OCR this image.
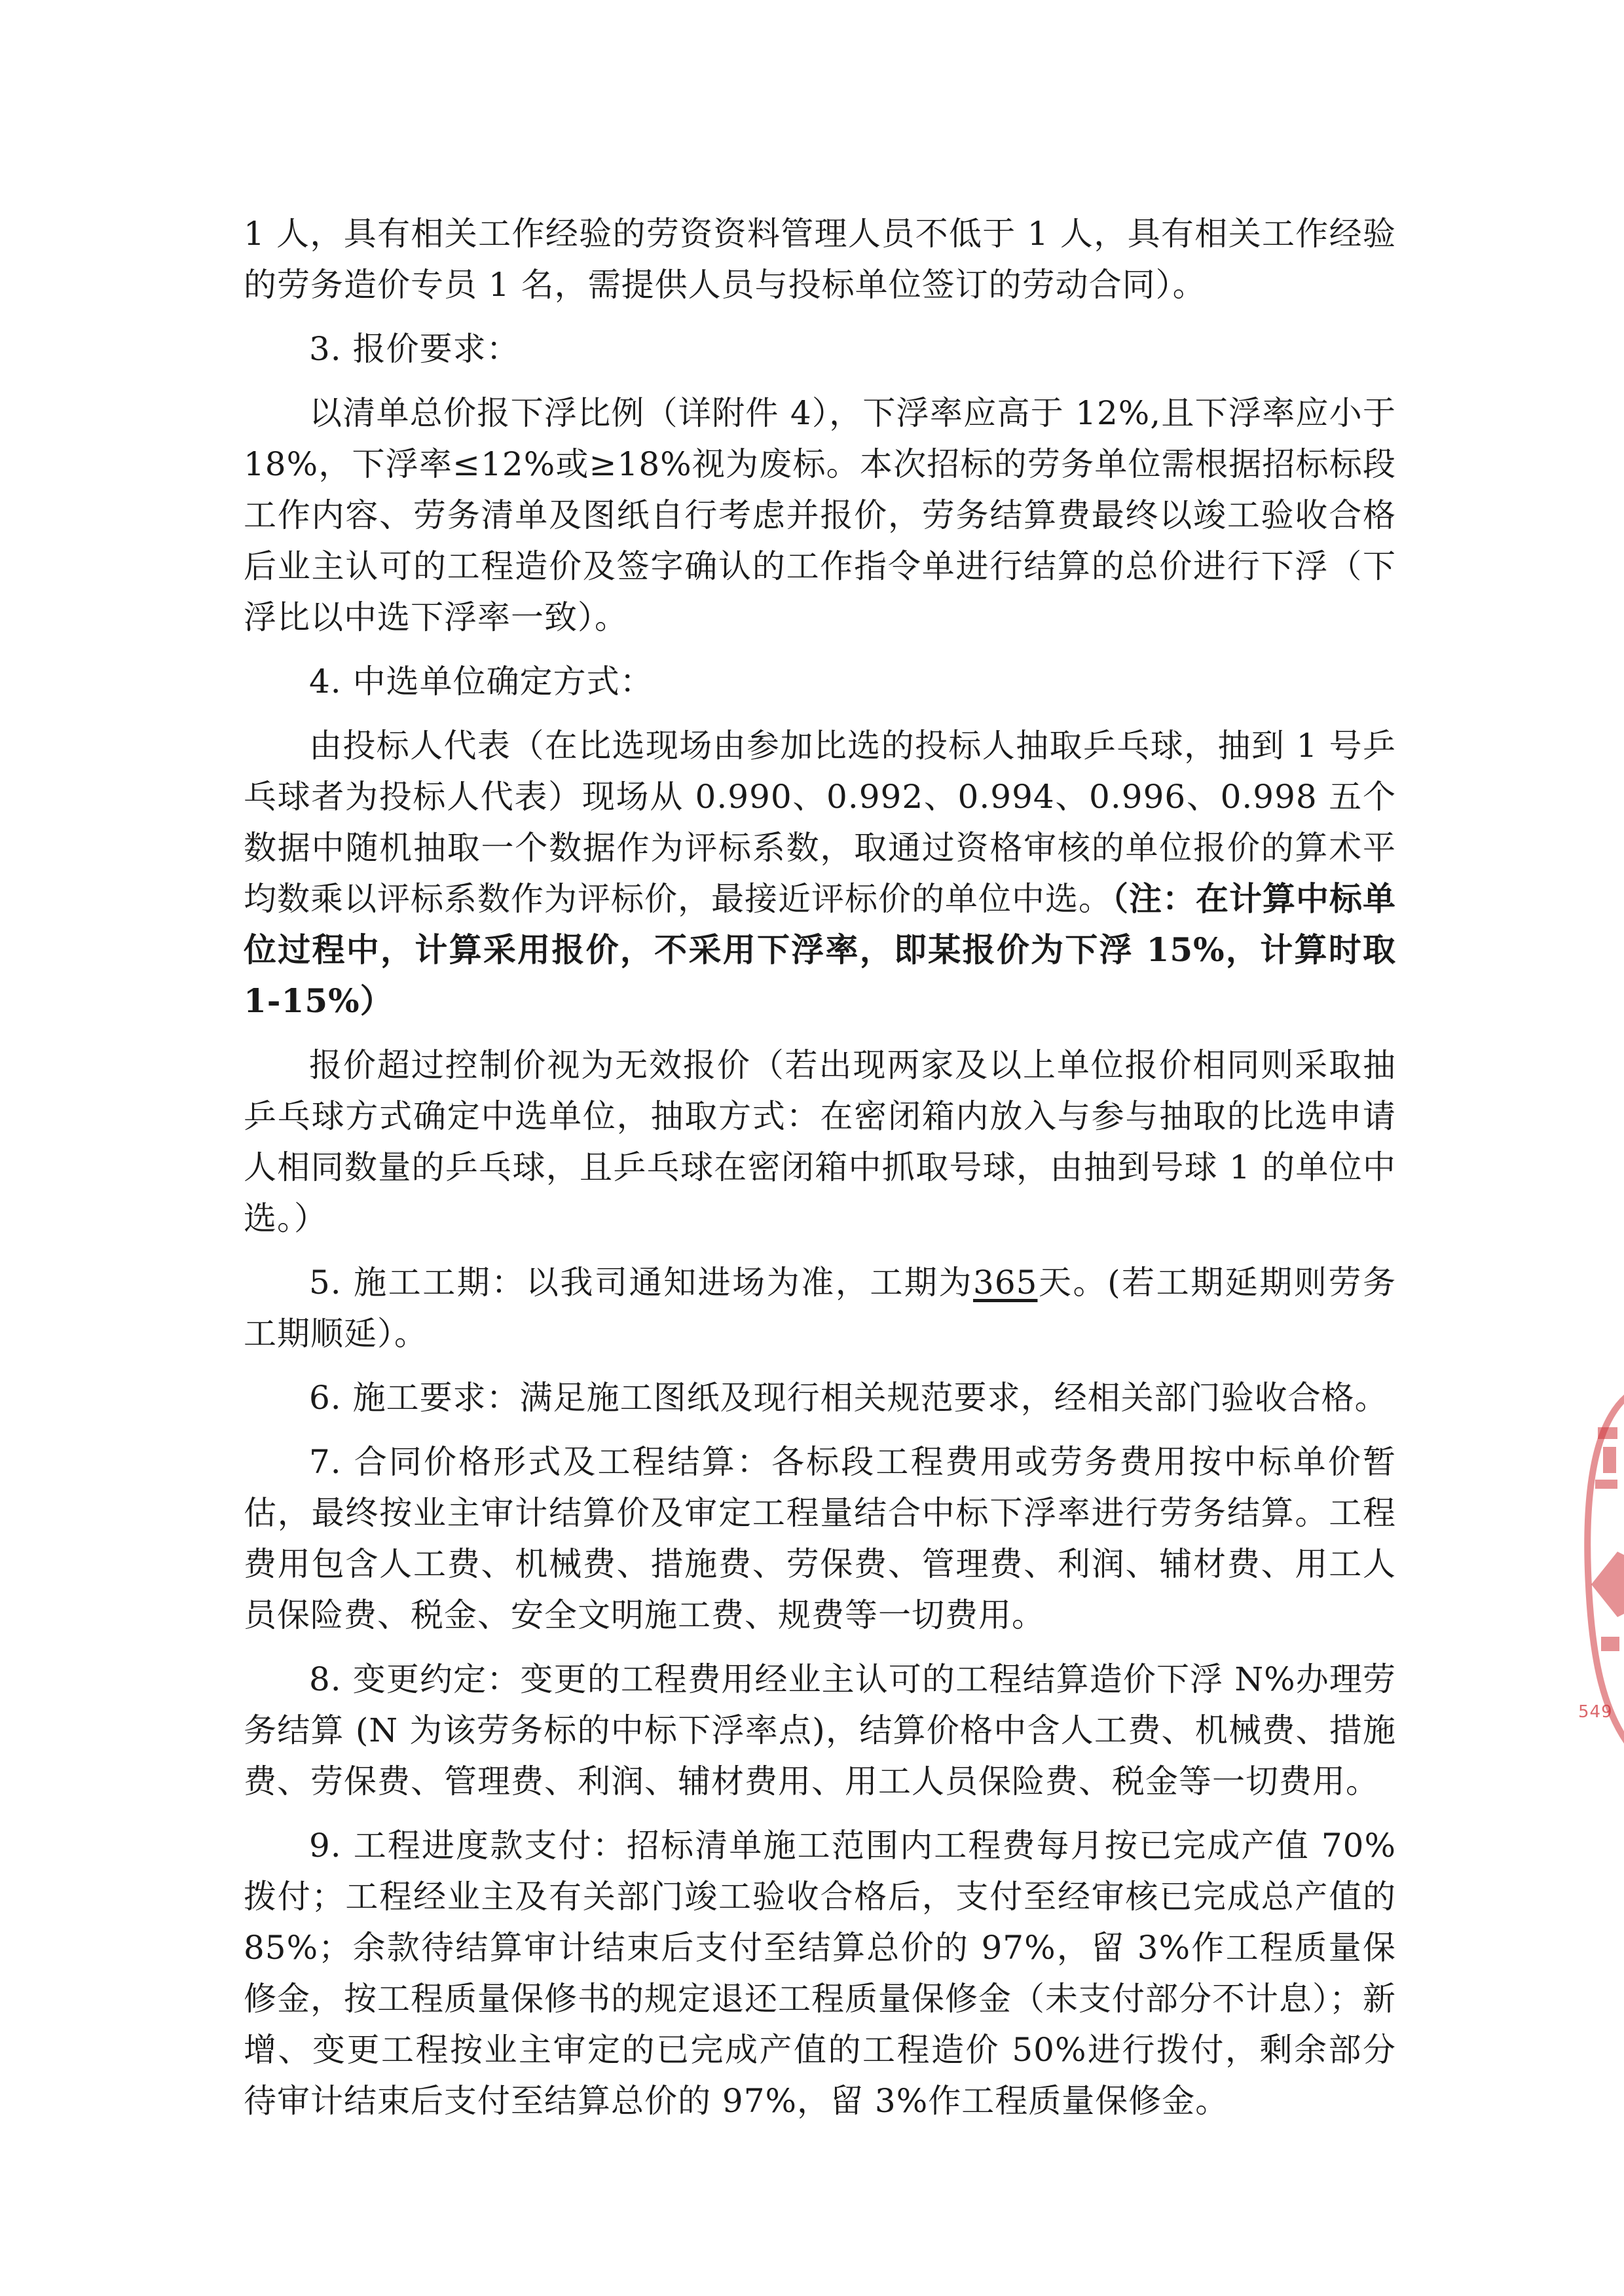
1 人，具有相关工作经验的劳资资料管理人员不低于 1 人，具有相关工作经验的劳务造价专员 1 名，需提供人员与投标单位签订的劳动合同）。

3. 报价要求：

以清单总价报下浮比例（详附件 4），下浮率应高于 12%,且下浮率应小于 18%，下浮率≤12%或≥18%视为废标。本次招标的劳务单位需根据招标标段工作内容、劳务清单及图纸自行考虑并报价，劳务结算费最终以竣工验收合格后业主认可的工程造价及签字确认的工作指令单进行结算的总价进行下浮（下浮比以中选下浮率一致）。

4. 中选单位确定方式：

由投标人代表（在比选现场由参加比选的投标人抽取乒乓球，抽到 1 号乒乓球者为投标人代表）现场从 0.990、0.992、0.994、0.996、0.998 五个数据中随机抽取一个数据作为评标系数，取通过资格审核的单位报价的算术平均数乘以评标系数作为评标价，最接近评标价的单位中选。（注：在计算中标单位过程中，计算采用报价，不采用下浮率，即某报价为下浮 15%，计算时取 1-15%）

报价超过控制价视为无效报价（若出现两家及以上单位报价相同则采取抽乒乓球方式确定中选单位，抽取方式：在密闭箱内放入与参与抽取的比选申请人相同数量的乒乓球，且乒乓球在密闭箱中抓取号球，由抽到号球 1 的单位中选。）

5. 施工工期：以我司通知进场为准，工期为365天。(若工期延期则劳务工期顺延）。

6. 施工要求：满足施工图纸及现行相关规范要求，经相关部门验收合格。

7. 合同价格形式及工程结算：各标段工程费用或劳务费用按中标单价暂估，最终按业主审计结算价及审定工程量结合中标下浮率进行劳务结算。工程费用包含人工费、机械费、措施费、劳保费、管理费、利润、辅材费、用工人员保险费、税金、安全文明施工费、规费等一切费用。

8. 变更约定：变更的工程费用经业主认可的工程结算造价下浮 N%办理劳务结算 (N 为该劳务标的中标下浮率点)，结算价格中含人工费、机械费、措施费、劳保费、管理费、利润、辅材费用、用工人员保险费、税金等一切费用。

9. 工程进度款支付：招标清单施工范围内工程费每月按已完成产值 70%拨付；工程经业主及有关部门竣工验收合格后，支付至经审核已完成总产值的 85%；余款待结算审计结束后支付至结算总价的 97%，留 3%作工程质量保修金，按工程质量保修书的规定退还工程质量保修金（未支付部分不计息）；新增、变更工程按业主审定的已完成产值的工程造价 50%进行拨付，剩余部分待审计结束后支付至结算总价的 97%，留 3%作工程质量保修金。

549
